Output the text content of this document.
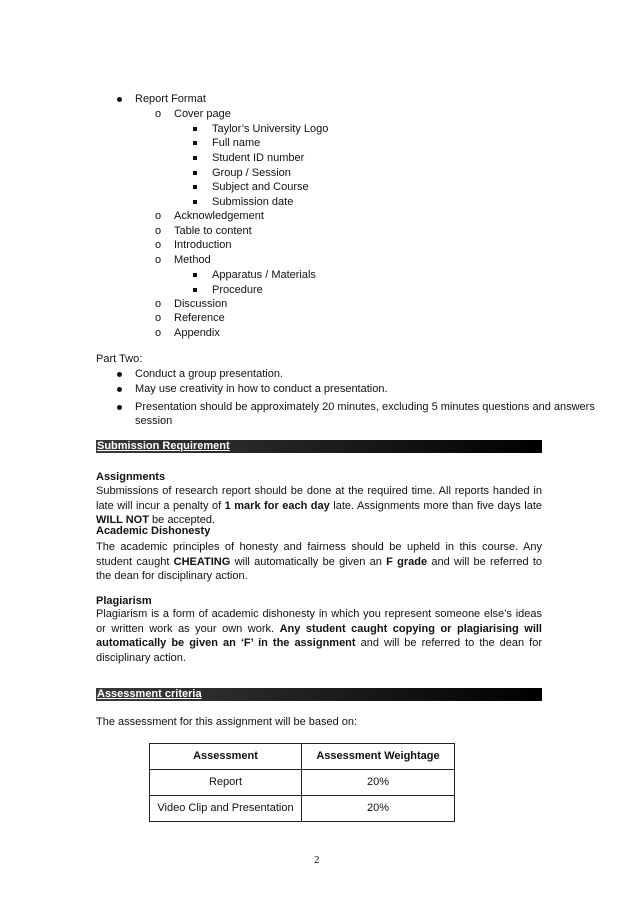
Report Format
o Cover page
Taylor’s University Logo
Full name
Student ID number
Group / Session
Subject and Course
Submission date
o Acknowledgement
o Table to content
o Introduction
o Method
Apparatus / Materials
Procedure
o Discussion
o Reference
o Appendix
Part Two:
Conduct a group presentation.
May use creativity in how to conduct a presentation.
Presentation should be approximately 20 minutes, excluding 5 minutes questions and answers
session
Submission Requirement
Assignments
Submissions of research report should be done at the required time. All reports handed in late will incur a penalty of 1 mark for each day late. Assignments more than five days late WILL NOT be accepted.
Academic Dishonesty
The academic principles of honesty and fairness should be upheld in this course. Any student caught CHEATING will automatically be given an F grade and will be referred to the dean for disciplinary action.
Plagiarism
Plagiarism is a form of academic dishonesty in which you represent someone else’s ideas or written work as your own work. Any student caught copying or plagiarising will automatically be given an ‘F’ in the assignment and will be referred to the dean for disciplinary action.
Assessment criteria
The assessment for this assignment will be based on:
Assessment	Assessment Weightage
Report	20%
Video Clip and Presentation	20%
2
